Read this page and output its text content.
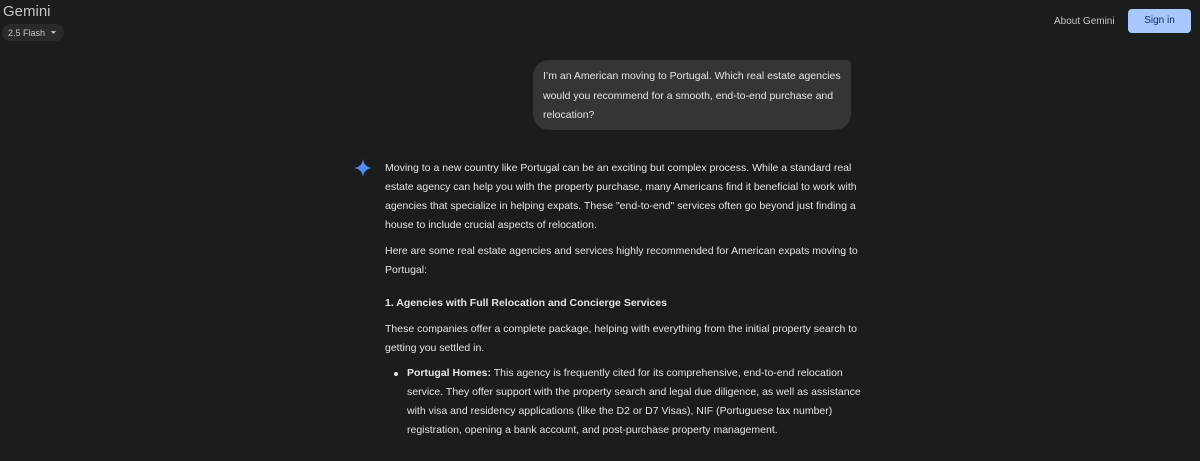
Gemini
2.5 Flash
About Gemini	Sign in
I’m an American moving to Portugal. Which real estate agencies would you recommend for a smooth, end-to-end purchase and relocation?

Moving to a new country like Portugal can be an exciting but complex process. While a standard real estate agency can help you with the property purchase, many Americans find it beneficial to work with agencies that specialize in helping expats. These "end-to-end" services often go beyond just finding a house to include crucial aspects of relocation.

Here are some real estate agencies and services highly recommended for American expats moving to Portugal:

1. Agencies with Full Relocation and Concierge Services

These companies offer a complete package, helping with everything from the initial property search to getting you settled in.

Portugal Homes: This agency is frequently cited for its comprehensive, end-to-end relocation service. They offer support with the property search and legal due diligence, as well as assistance with visa and residency applications (like the D2 or D7 Visas), NIF (Portuguese tax number) registration, opening a bank account, and post-purchase property management.
